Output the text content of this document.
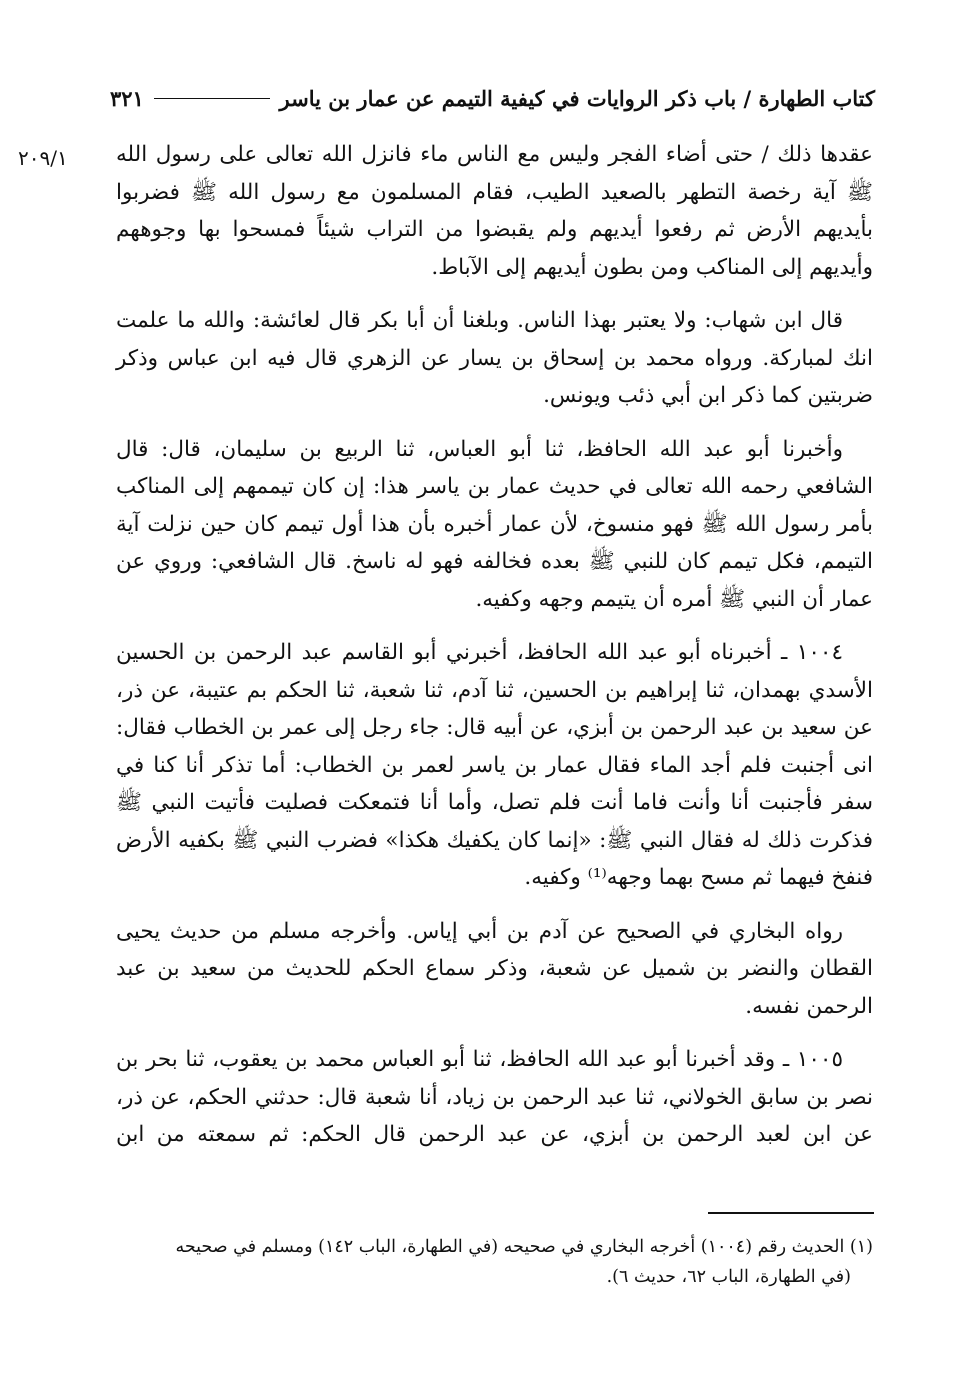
كتاب الطهارة / باب ذكر الروايات في كيفية التيمم عن عمار بن ياسر
٣٢١
٢٠٩/١	عقدها ذلك / حتى أضاء الفجر وليس مع الناس ماء فانزل الله تعالى على رسول الله ﷺ آية رخصة التطهر بالصعيد الطيب، فقام المسلمون مع رسول الله ﷺ فضربوا بأيديهم الأرض ثم رفعوا أيديهم ولم يقبضوا من التراب شيئاً فمسحوا بها وجوههم وأيديهم إلى المناكب ومن بطون أيديهم إلى الآباط.

قال ابن شهاب: ولا يعتبر بهذا الناس. وبلغنا أن أبا بكر قال لعائشة: والله ما علمت انك لمباركة. ورواه محمد بن إسحاق بن يسار عن الزهري قال فيه ابن عباس وذكر ضربتين كما ذكر ابن أبي ذئب ويونس.

وأخبرنا أبو عبد الله الحافظ، ثنا أبو العباس، ثنا الربيع بن سليمان، قال: قال الشافعي رحمه الله تعالى في حديث عمار بن ياسر هذا: إن كان تيممهم إلى المناكب بأمر رسول الله ﷺ فهو منسوخ، لأن عمار أخبره بأن هذا أول تيمم كان حين نزلت آية التيمم، فكل تيمم كان للنبي ﷺ بعده فخالفه فهو له ناسخ. قال الشافعي: وروي عن عمار أن النبي ﷺ أمره أن يتيمم وجهه وكفيه.

١٠٠٤ ـ أخبرناه أبو عبد الله الحافظ، أخبرني أبو القاسم عبد الرحمن بن الحسين الأسدي بهمدان، ثنا إبراهيم بن الحسين، ثنا آدم، ثنا شعبة، ثنا الحكم بم عتيبة، عن ذر، عن سعيد بن عبد الرحمن بن أبزي، عن أبيه قال: جاء رجل إلى عمر بن الخطاب فقال: انى أجنبت فلم أجد الماء فقال عمار بن ياسر لعمر بن الخطاب: أما تذكر أنا كنا في سفر فأجنبت أنا وأنت فاما أنت فلم تصل، وأما أنا فتمعكت فصليت فأتيت النبي ﷺ فذكرت ذلك له فقال النبي ﷺ: «إنما كان يكفيك هكذا» فضرب النبي ﷺ بكفيه الأرض فنفخ فيهما ثم مسح بهما وجهه⁽¹⁾ وكفيه.

رواه البخاري في الصحيح عن آدم بن أبي إياس. وأخرجه مسلم من حديث يحيى القطان والنضر بن شميل عن شعبة، وذكر سماع الحكم للحديث من سعيد بن عبد الرحمن نفسه.

١٠٠٥ ـ وقد أخبرنا أبو عبد الله الحافظ، ثنا أبو العباس محمد بن يعقوب، ثنا بحر بن نصر بن سابق الخولاني، ثنا عبد الرحمن بن زياد، أنا شعبة قال: حدثني الحكم، عن ذر، عن ابن لعبد الرحمن بن أبزي، عن عبد الرحمن قال الحكم: ثم سمعته من ابن

(١) الحديث رقم (١٠٠٤) أخرجه البخاري في صحيحه (في الطهارة، الباب ١٤٢) ومسلم في صحيحه
(في الطهارة، الباب ٦٢، حديث ٦).
